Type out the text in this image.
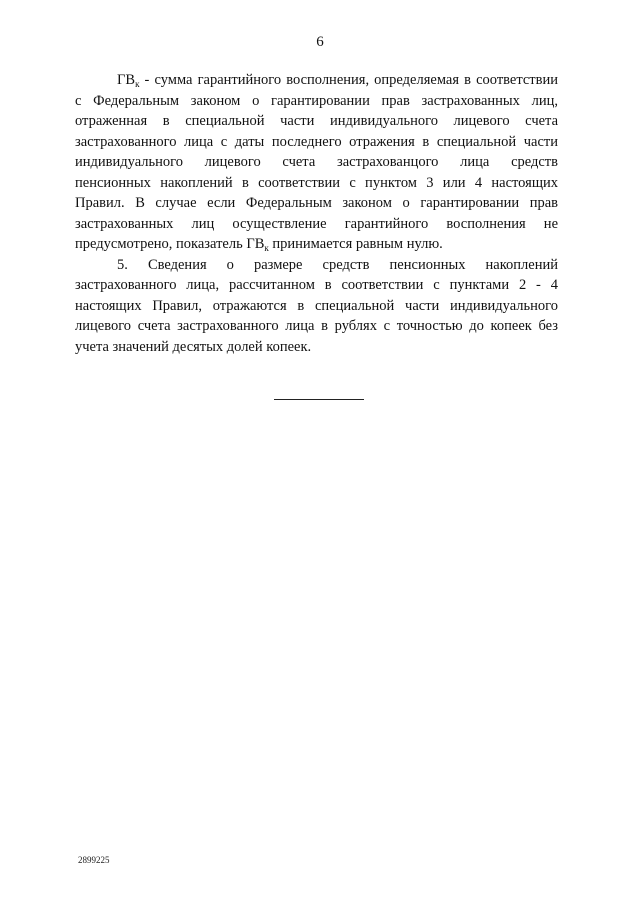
6
$ГВ_к$ - сумма гарантийного восполнения, определяемая в соответствии
с Федеральным законом о гарантировании прав застрахованных лиц,
отраженная в специальной части индивидуального лицевого счета
застрахованного лица с даты последнего отражения в специальной части
индивидуального лицевого счета застрахованцого лица средств
пенсионных накоплений в соответствии с пунктом 3 или 4 настоящих
Правил. В случае если Федеральным законом о гарантировании прав
застрахованных лиц осуществление гарантийного восполнения не
предусмотрено, показатель $ГВ_к$ принимается равным нулю.
5. Сведения о размере средств пенсионных накоплений
застрахованного лица, рассчитанном в соответствии с пунктами 2 - 4
настоящих Правил, отражаются в специальной части индивидуального
лицевого счета застрахованного лица в рублях с точностью до копеек без
учета значений десятых долей копеек.
2899225
